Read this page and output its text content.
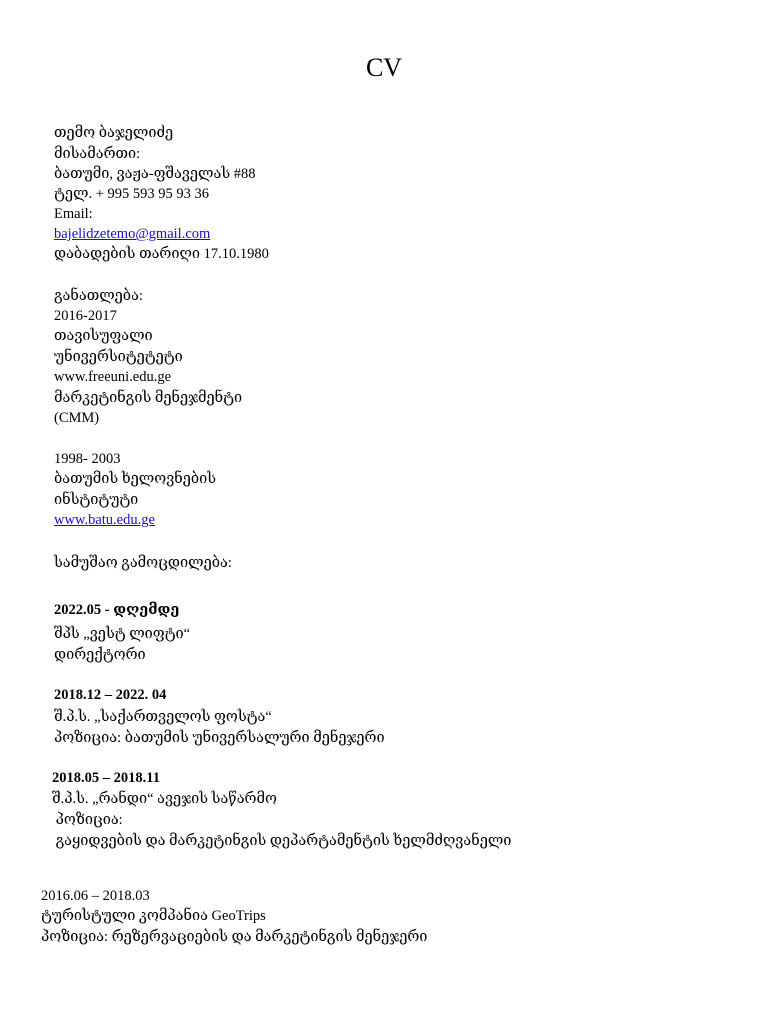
CV
თემო ბაჯელიძე
მისამართი:
ბათუმი, ვაჟა-ფშაველას #88
ტელ. + 995 593 95 93 36
Email:
bajelidzetemo@gmail.com
დაბადების თარიღი 17.10.1980
განათლება:
2016-2017
თავისუფალი
უნივერსიტეტეტი
www.freeuni.edu.ge
მარკეტინგის მენეჯმენტი
(CMM)
1998- 2003
ბათუმის ხელოვნების
ინსტიტუტი
www.batu.edu.ge
სამუშაო გამოცდილება:
2022.05 - დღემდე
შპს „ვესტ ლიფტი“
დირექტორი
2018.12 – 2022. 04
შ.პ.ს. „საქართველოს ფოსტა“
პოზიცია: ბათუმის უნივერსალური მენეჯერი
2018.05 – 2018.11
შ.პ.ს. „რანდი“ ავეჯის საწარმო
პოზიცია:
გაყიდვების და მარკეტინგის დეპარტამენტის ხელმძღვანელი
2016.06 – 2018.03
ტურისტული კომპანია GeoTrips
პოზიცია: რეზერვაციების და მარკეტინგის მენეჯერი
